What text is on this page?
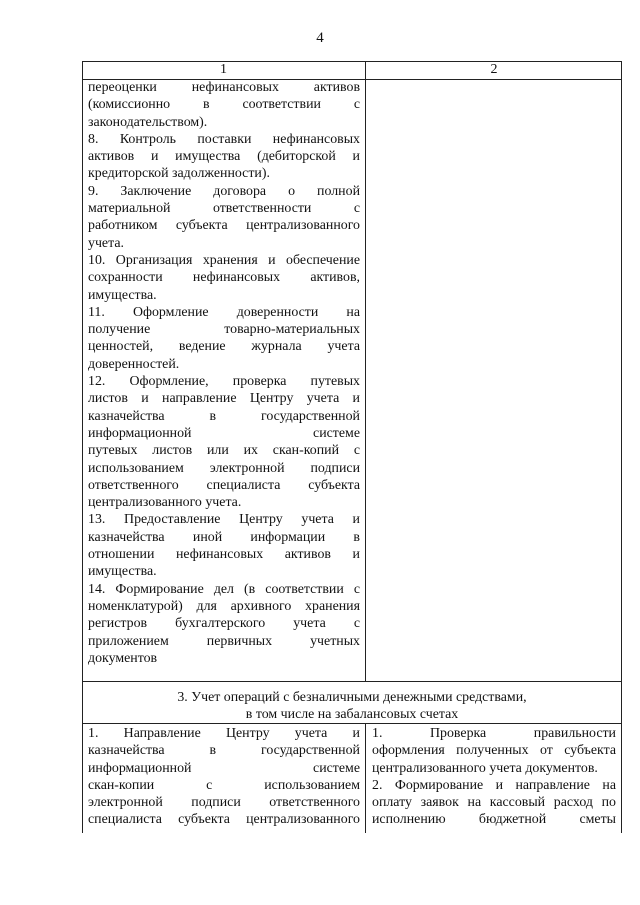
4
1	2
переоценки нефинансовых активов
(комиссионно в соответствии с
законодательством).
8. Контроль поставки нефинансовых
активов и имущества (дебиторской и
кредиторской задолженности).
9. Заключение договора о полной
материальной ответственности с
работником субъекта централизованного
учета.
10. Организация хранения и обеспечение
сохранности нефинансовых активов,
имущества.
11. Оформление доверенности на
получение товарно-материальных
ценностей, ведение журнала учета
доверенностей.
12. Оформление, проверка путевых
листов и направление Центру учета и
казначейства в государственной
информационной системе
путевых листов или их скан-копий с
использованием электронной подписи
ответственного специалиста субъекта
централизованного учета.
13. Предоставление Центру учета и
казначейства иной информации в
отношении нефинансовых активов и
имущества.
14. Формирование дел (в соответствии с
номенклатурой) для архивного хранения
регистров бухгалтерского учета с
приложением первичных учетных
документов
3. Учет операций с безналичными денежными средствами,
в том числе на забалансовых счетах
1. Направление Центру учета и
казначейства в государственной
информационной системе
скан-копии с использованием
электронной подписи ответственного
специалиста субъекта централизованного
1. Проверка правильности
оформления полученных от субъекта
централизованного учета документов.
2. Формирование и направление на
оплату заявок на кассовый расход по
исполнению бюджетной сметы
